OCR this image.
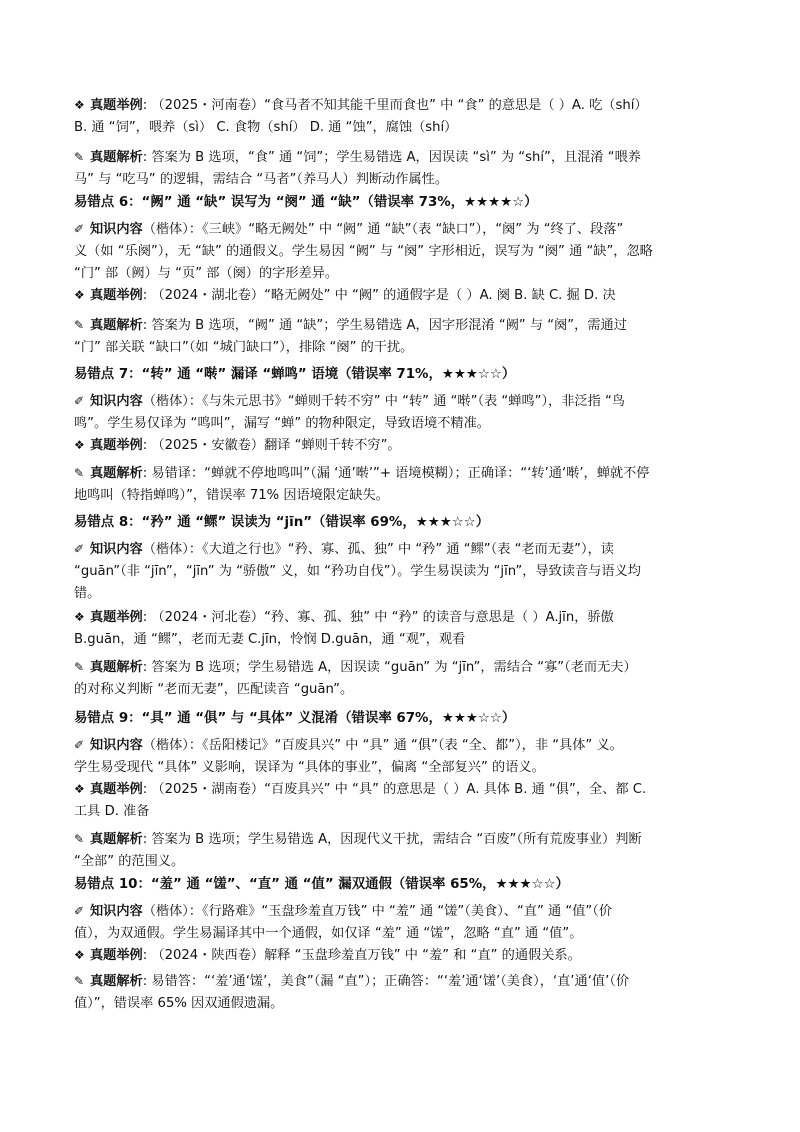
❖ 真题举例: （2025・河南卷）“食马者不知其能千里而食也” 中 “食” 的意思是（ ）A. 吃（shí）
B. 通 “饲”，喂养（sì） C. 食物（shí） D. 通 “蚀”，腐蚀（shí）
✎ 真题解析: 答案为 B 选项，“食” 通 “饲”；学生易错选 A，因误读 “sì” 为 “shí”，且混淆 “喂养
马” 与 “吃马” 的逻辑，需结合 “马者”（养马人）判断动作属性。
易错点 6：“阙” 通 “缺” 误写为 “阕” 通 “缺”（错误率 73%，★★★★☆）
✐ 知识内容（楷体）：《三峡》“略无阙处” 中 “阙” 通 “缺”（表 “缺口”），“阕” 为 “终了、段落”
义（如 “乐阕”），无 “缺” 的通假义。学生易因 “阙” 与 “阕” 字形相近，误写为 “阕” 通 “缺”，忽略
“门” 部（阙）与 “页” 部（阕）的字形差异。
❖ 真题举例: （2024・湖北卷）“略无阙处” 中 “阙” 的通假字是（ ）A. 阕 B. 缺 C. 掘 D. 决
✎ 真题解析: 答案为 B 选项，“阙” 通 “缺”；学生易错选 A，因字形混淆 “阙” 与 “阕”，需通过
“门” 部关联 “缺口”（如 “城门缺口”），排除 “阕” 的干扰。
易错点 7：“转” 通 “啭” 漏译 “蝉鸣” 语境（错误率 71%，★★★☆☆）
✐ 知识内容（楷体）：《与朱元思书》“蝉则千转不穷” 中 “转” 通 “啭”（表 “蝉鸣”），非泛指 “鸟
鸣”。学生易仅译为 “鸣叫”，漏写 “蝉” 的物种限定，导致语境不精准。
❖ 真题举例: （2025・安徽卷）翻译 “蝉则千转不穷”。
✎ 真题解析: 易错译：“蝉就不停地鸣叫”（漏 ‘通’啭’”+ 语境模糊）；正确译：“‘转’通‘啭’，蝉就不停
地鸣叫（特指蝉鸣）”，错误率 71% 因语境限定缺失。
易错点 8：“矜” 通 “鳏” 误读为 “jīn”（错误率 69%，★★★☆☆）
✐ 知识内容（楷体）：《大道之行也》“矜、寡、孤、独” 中 “矜” 通 “鳏”（表 “老而无妻”），读
“guān”（非 “jīn”，“jīn” 为 “骄傲” 义，如 “矜功自伐”）。学生易误读为 “jīn”，导致读音与语义均
错。
❖ 真题举例: （2024・河北卷）“矜、寡、孤、独” 中 “矜” 的读音与意思是（ ）A.jīn，骄傲
B.guān，通 “鳏”，老而无妻 C.jīn，怜悯 D.guān，通 “观”，观看
✎ 真题解析: 答案为 B 选项；学生易错选 A，因误读 “guān” 为 “jīn”，需结合 “寡”（老而无夫）
的对称义判断 “老而无妻”，匹配读音 “guān”。
易错点 9：“具” 通 “俱” 与 “具体” 义混淆（错误率 67%，★★★☆☆）
✐ 知识内容（楷体）：《岳阳楼记》“百废具兴” 中 “具” 通 “俱”（表 “全、都”），非 “具体” 义。
学生易受现代 “具体” 义影响，误译为 “具体的事业”，偏离 “全部复兴” 的语义。
❖ 真题举例: （2025・湖南卷）“百废具兴” 中 “具” 的意思是（ ）A. 具体 B. 通 “俱”，全、都 C.
工具 D. 准备
✎ 真题解析: 答案为 B 选项；学生易错选 A，因现代义干扰，需结合 “百废”（所有荒废事业）判断
“全部” 的范围义。
易错点 10：“羞” 通 “馐”、“直” 通 “值” 漏双通假（错误率 65%，★★★☆☆）
✐ 知识内容（楷体）：《行路难》“玉盘珍羞直万钱” 中 “羞” 通 “馐”（美食）、“直” 通 “值”（价
值），为双通假。学生易漏译其中一个通假，如仅译 “羞” 通 “馐”，忽略 “直” 通 “值”。
❖ 真题举例: （2024・陕西卷）解释 “玉盘珍羞直万钱” 中 “羞” 和 “直” 的通假关系。
✎ 真题解析: 易错答：“‘羞’通‘馐’，美食”（漏 “直”）；正确答：“‘羞’通‘馐’（美食），‘直’通‘值’（价
值）”，错误率 65% 因双通假遗漏。
